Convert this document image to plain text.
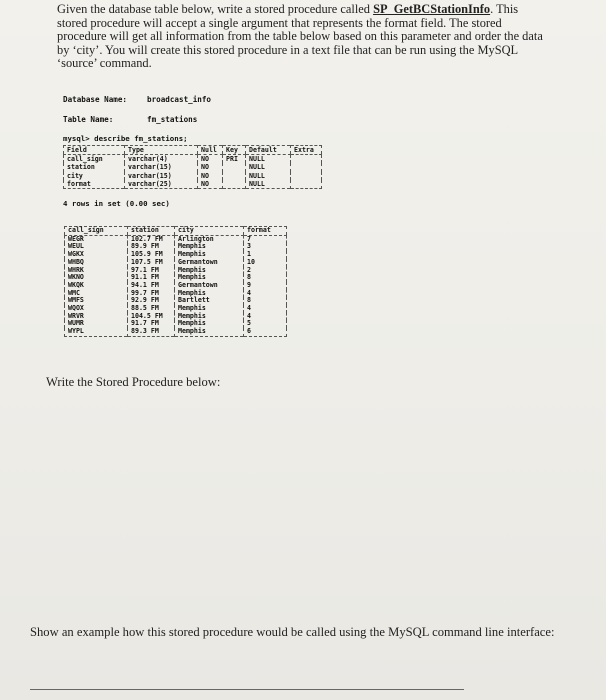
Given the database table below, write a stored procedure called SP_GetBCStationInfo. This stored procedure will accept a single argument that represents the format field. The stored procedure will get all information from the table below based on this parameter and order the data by ‘city’. You will create this stored procedure in a text file that can be run using the MySQL ‘source’ command.
Database Name:	broadcast_info
Table Name:	fm_stations
mysql> describe fm_stations;
Field	Type	Null	Key	Default	Extra
call_sign	varchar(4)	NO	PRI	NULL	
station	varchar(15)	NO		NULL	
city	varchar(15)	NO		NULL	
format	varchar(25)	NO		NULL	
4 rows in set (0.00 sec)
call_sign	station	city	format
WEGR	102.7 FM	Arlington	7
WEUL	89.9 FM	Memphis	3
WGKX	105.9 FM	Memphis	1
WHBQ	107.5 FM	Germantown	10
WHRK	97.1 FM	Memphis	2
WKNO	91.1 FM	Memphis	8
WKQK	94.1 FM	Germantown	9
WMC	99.7 FM	Memphis	4
WMFS	92.9 FM	Bartlett	8
WQOX	88.5 FM	Memphis	4
WRVR	104.5 FM	Memphis	4
WUMR	91.7 FM	Memphis	5
WYPL	89.3 FM	Memphis	6
Write the Stored Procedure below:
Show an example how this stored procedure would be called using the MySQL command line interface:
